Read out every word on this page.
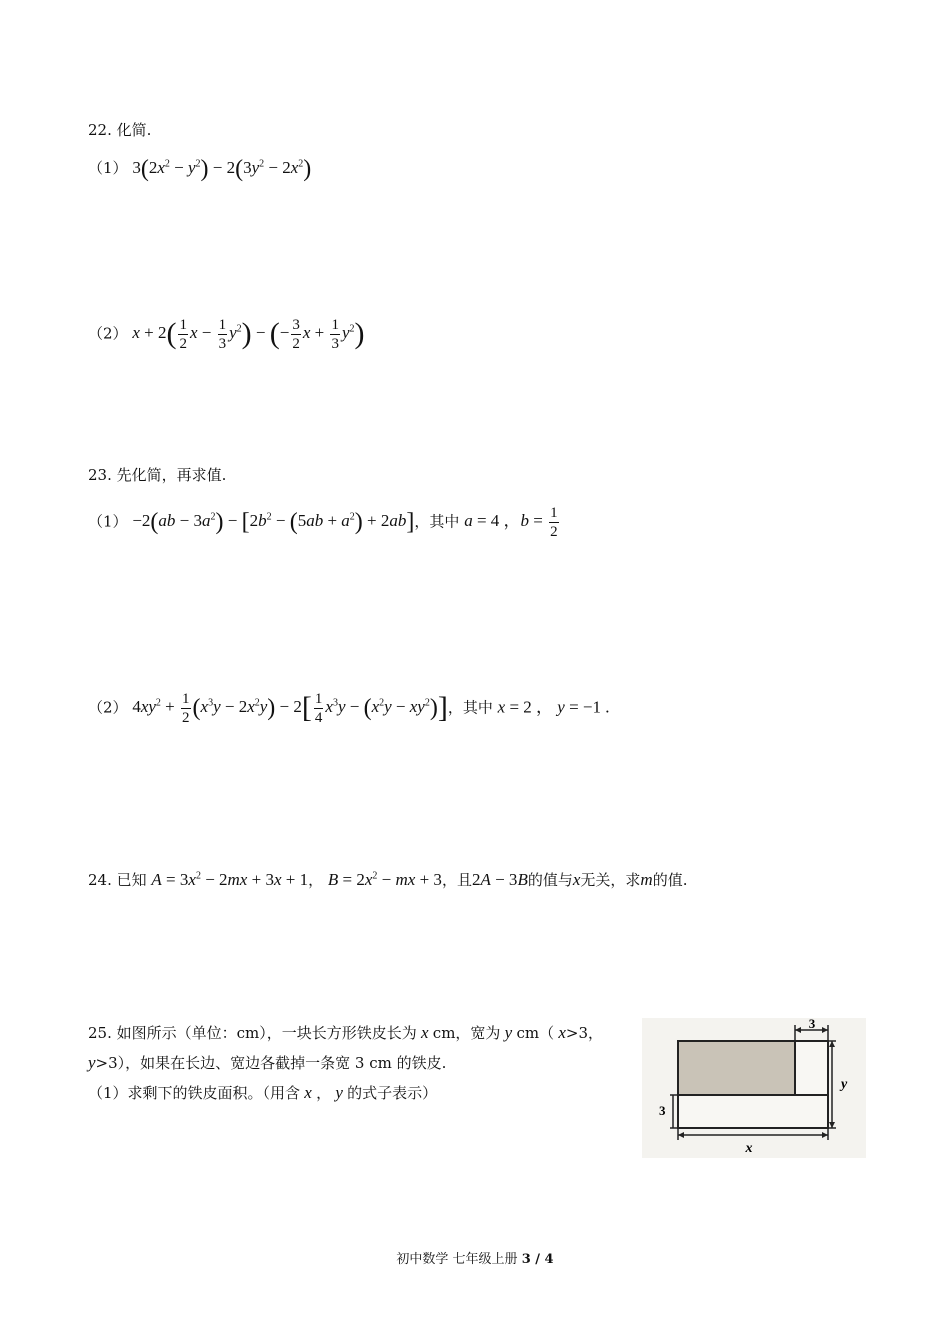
22. 化简.
（1） $3(2x^2 - y^2) - 2(3y^2 - 2x^2)$
（2） $x + 2( \frac{1}{2}$ $x - \frac{1}{3} y^2$) − (− $\frac{3}{2}$ $x + \frac{1}{3} y^2$)
23. 先化简，再求值.
$(1) -2(ab - 3a^2) - [2b^2 - (5ab + a^2) + 2ab]$，其中 a = 4 ，$b = \frac{1}{2}$
（2） $4xy^2 + \frac{1}{2} (x^3y - 2x^2y) - 2[ \frac{1}{4} x^3y - (x^2y - xy^2)]$，其中 x = 2 ， y = −1 .
24. 已知 $A = 3x^2 - 2mx + 3x + 1$， $B = 2x^2$ − mx + 3，且2A − 3B的值与x无关，求m的值.
25. 如图所示（单位：cm），一块长方形铁皮长为 x cm，宽为 y cm（ x>3，
y>3），如果在长边、宽边各截掉一条宽 3 cm 的铁皮.
（1）求剩下的铁皮面积。（用含 x ， y 的式子表示）
3
y
3
x
初中数学 七年级上册 3 / 4
